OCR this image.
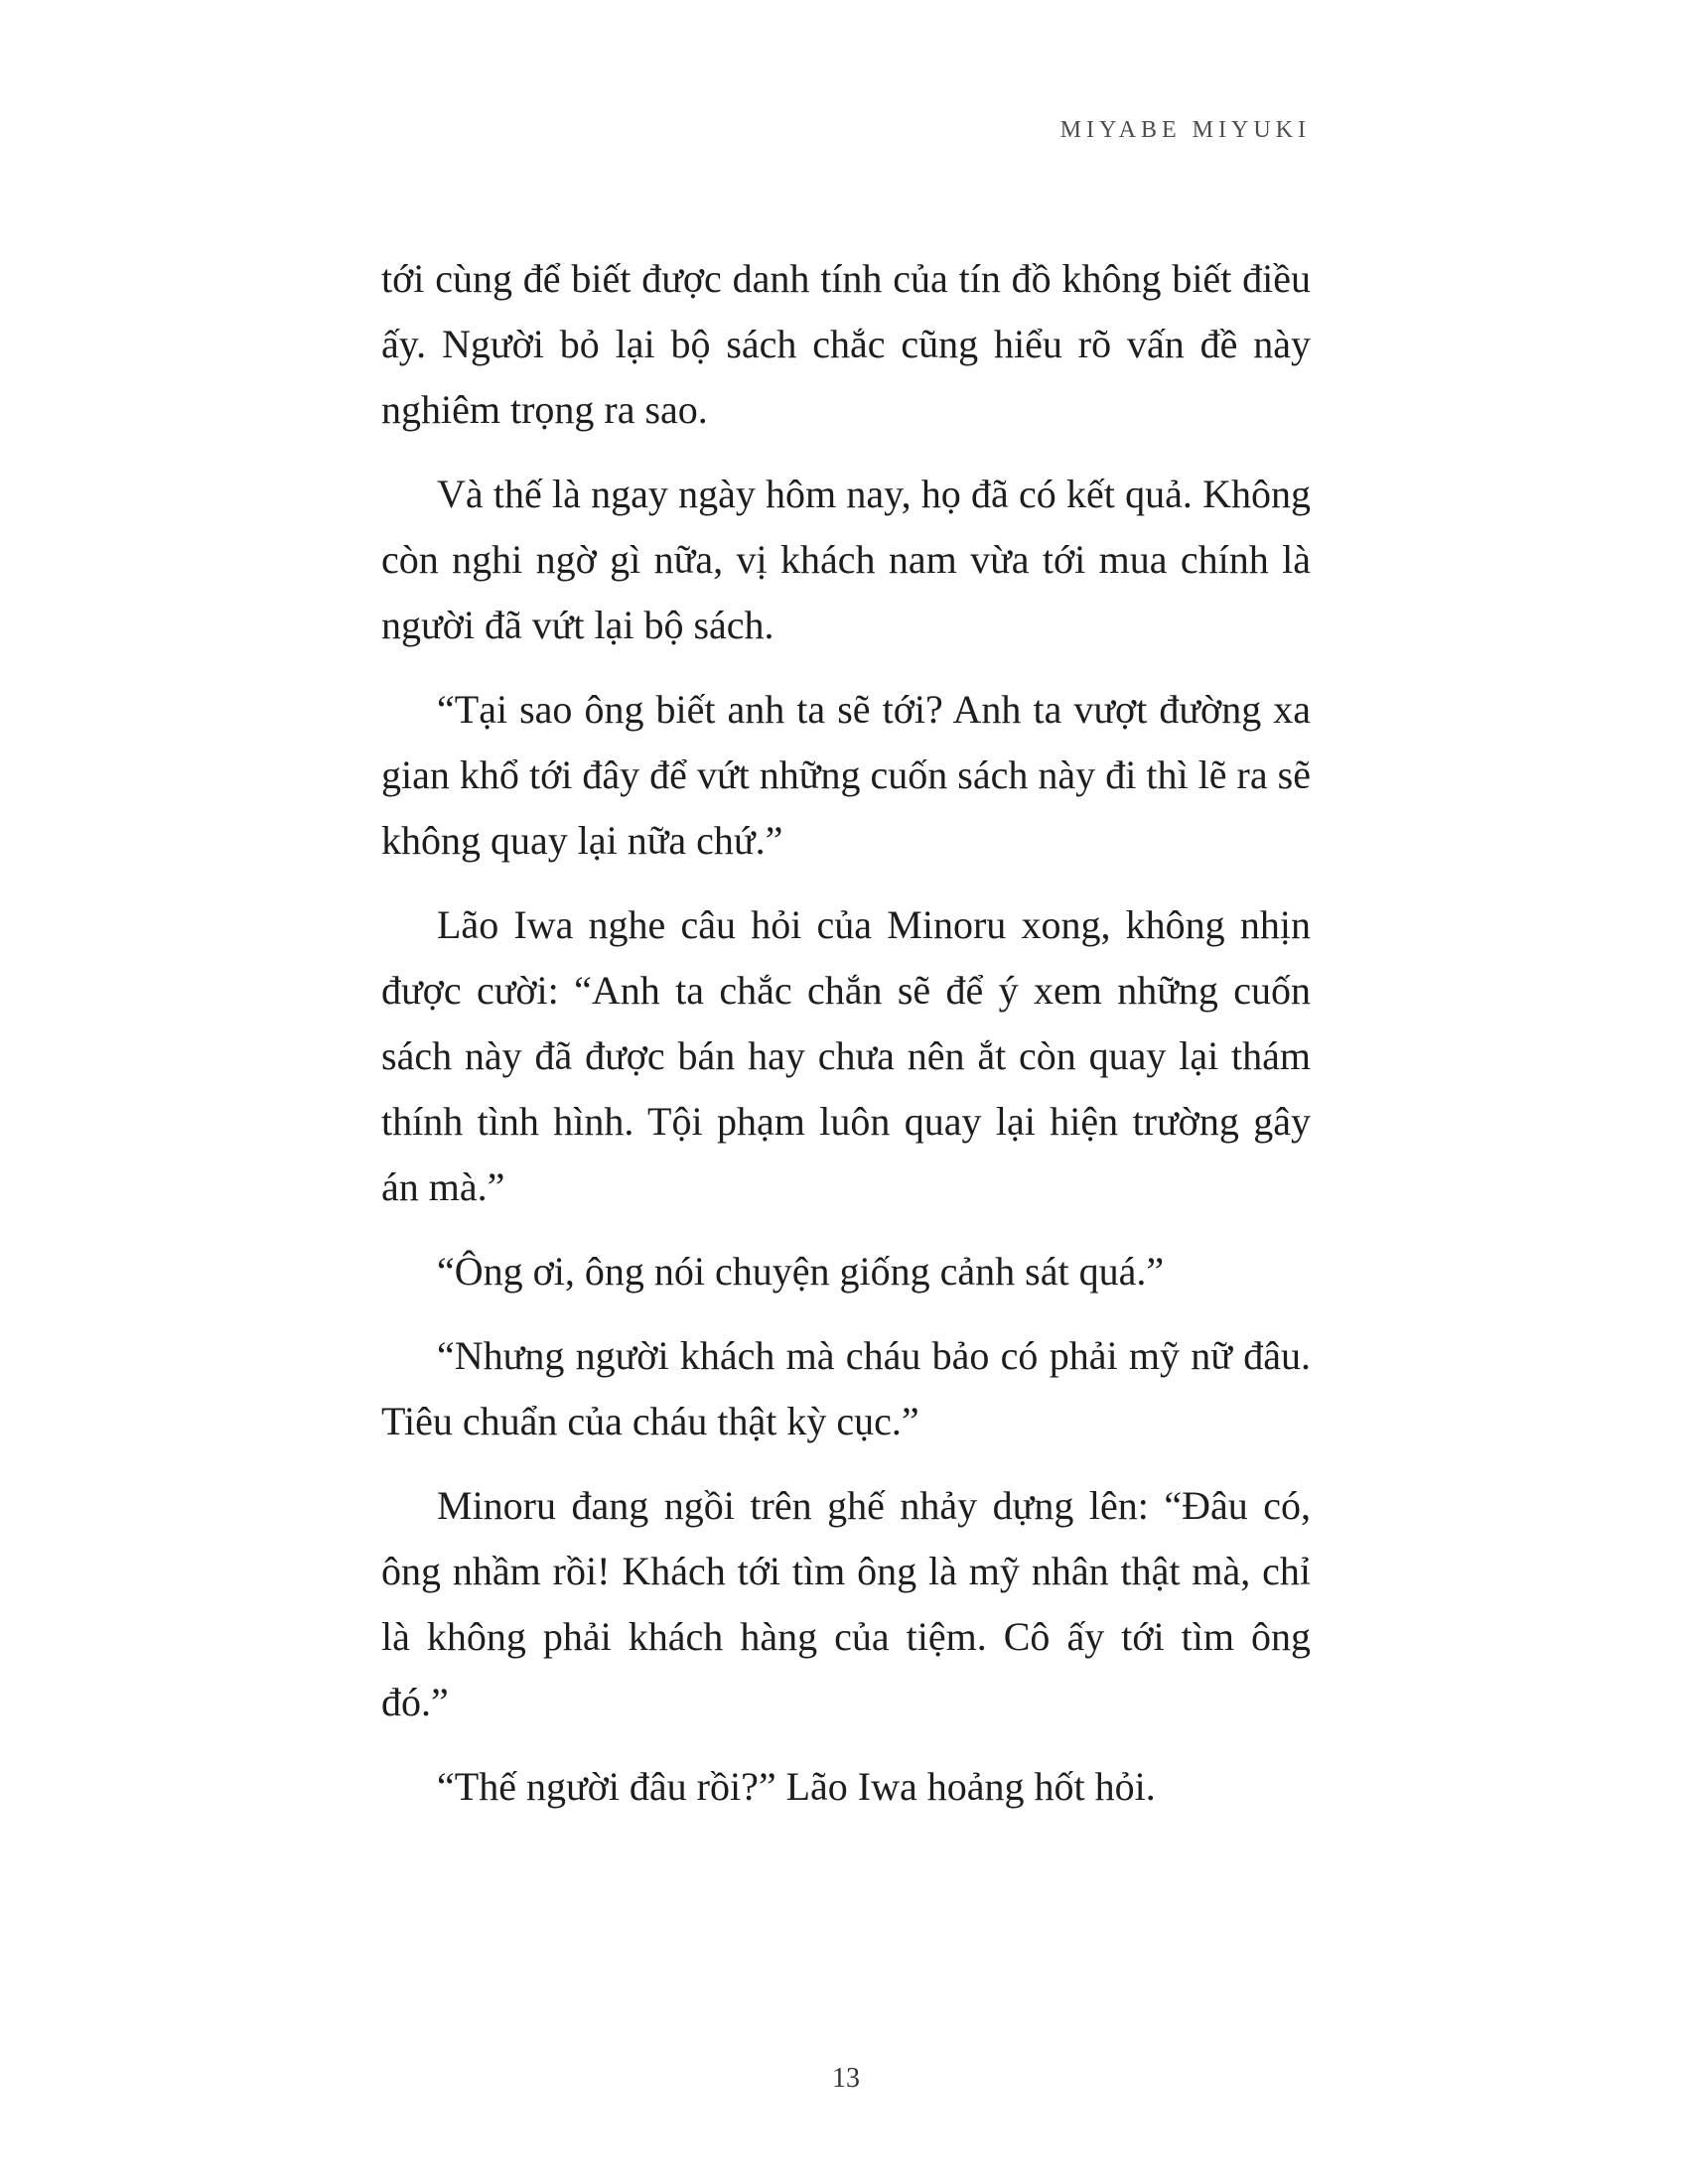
MIYABE MIYUKI

tới cùng để biết được danh tính của tín đồ không biết điều ấy. Người bỏ lại bộ sách chắc cũng hiểu rõ vấn đề này nghiêm trọng ra sao.

Và thế là ngay ngày hôm nay, họ đã có kết quả. Không còn nghi ngờ gì nữa, vị khách nam vừa tới mua chính là người đã vứt lại bộ sách.

“Tại sao ông biết anh ta sẽ tới? Anh ta vượt đường xa gian khổ tới đây để vứt những cuốn sách này đi thì lẽ ra sẽ không quay lại nữa chứ.”

Lão Iwa nghe câu hỏi của Minoru xong, không nhịn được cười: “Anh ta chắc chắn sẽ để ý xem những cuốn sách này đã được bán hay chưa nên ắt còn quay lại thám thính tình hình. Tội phạm luôn quay lại hiện trường gây án mà.”

“Ông ơi, ông nói chuyện giống cảnh sát quá.”

“Nhưng người khách mà cháu bảo có phải mỹ nữ đâu. Tiêu chuẩn của cháu thật kỳ cục.”

Minoru đang ngồi trên ghế nhảy dựng lên: “Đâu có, ông nhầm rồi! Khách tới tìm ông là mỹ nhân thật mà, chỉ là không phải khách hàng của tiệm. Cô ấy tới tìm ông đó.”

“Thế người đâu rồi?” Lão Iwa hoảng hốt hỏi.

13
